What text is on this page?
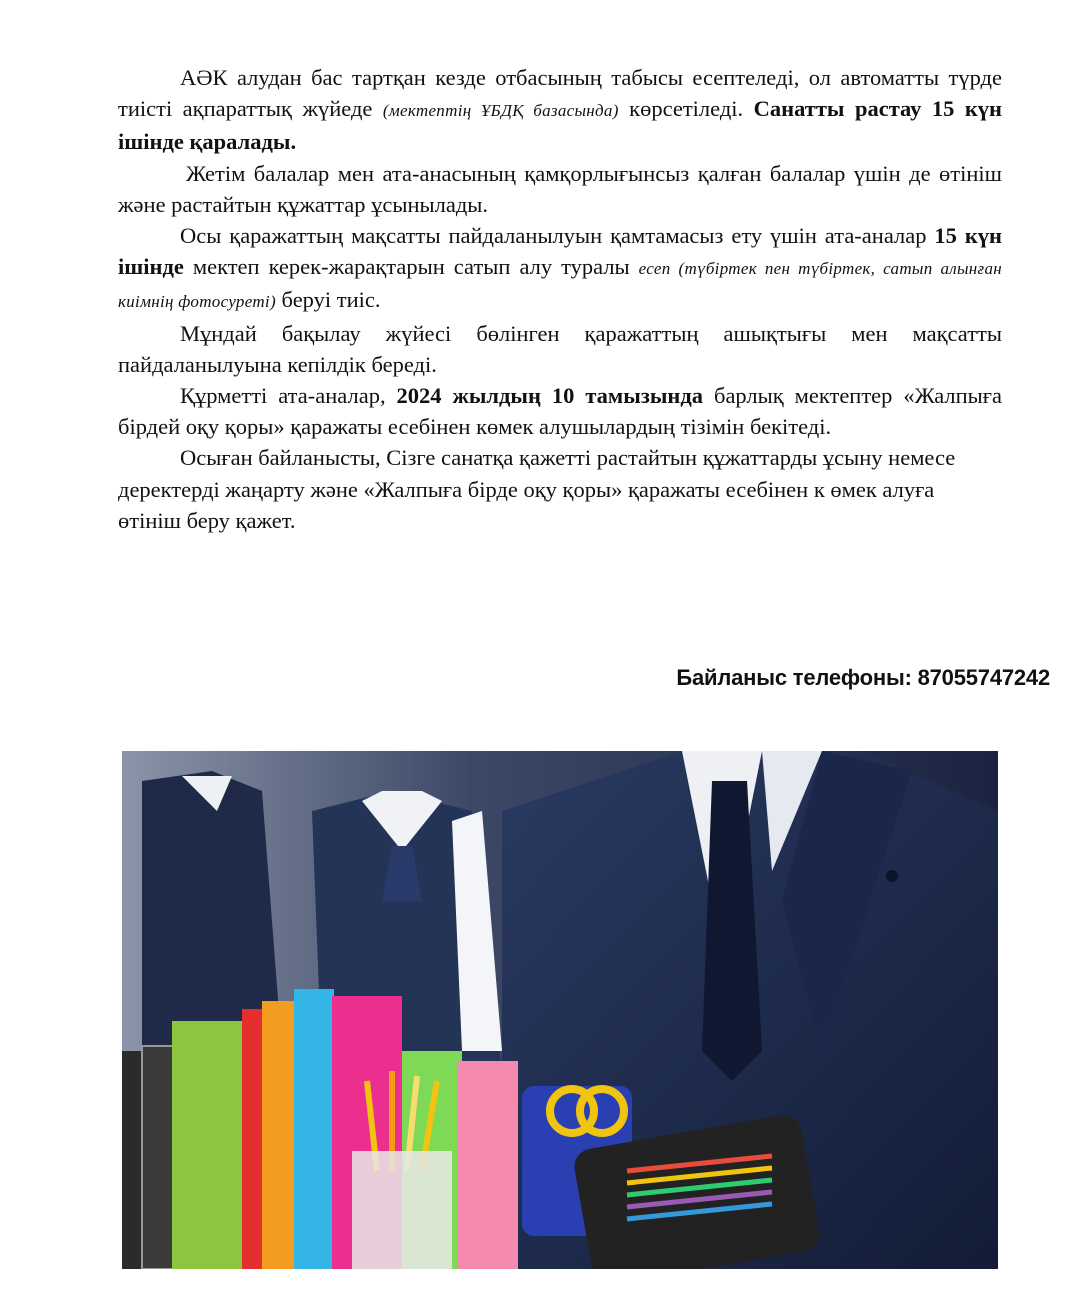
АӘК алудан бас тартқан кезде отбасының табысы есептеледі, ол автоматты түрде тиісті ақпараттық жүйеде (мектептің ҰБДҚ базасында) көрсетіледі. Санатты растау 15 күн ішінде қаралады.

Жетім балалар мен ата-анасының қамқорлығынсыз қалған балалар үшін де өтініш және растайтын құжаттар ұсынылады.

Осы қаражаттың мақсатты пайдаланылуын қамтамасыз ету үшін ата-аналар 15 күн ішінде мектеп керек-жарақтарын сатып алу туралы есеп (түбіртек пен түбіртек, сатып алынған киімнің фотосуреті) беруі тиіс.

Мұндай бақылау жүйесі бөлінген қаражаттың ашықтығы мен мақсатты пайдаланылуына кепілдік береді.

Құрметті ата-аналар, 2024 жылдың 10 тамызында барлық мектептер «Жалпыға бірдей оқу қоры» қаражаты есебінен көмек алушылардың тізімін бекітеді.

Осыған байланысты, Сізге санатқа қажетті растайтын құжаттарды ұсыну немесе деректерді жаңарту және «Жалпыға бірде оқу қоры» қаражаты есебінен к өмек алуға өтініш беру қажет.

Байланыс телефоны: 87055747242
